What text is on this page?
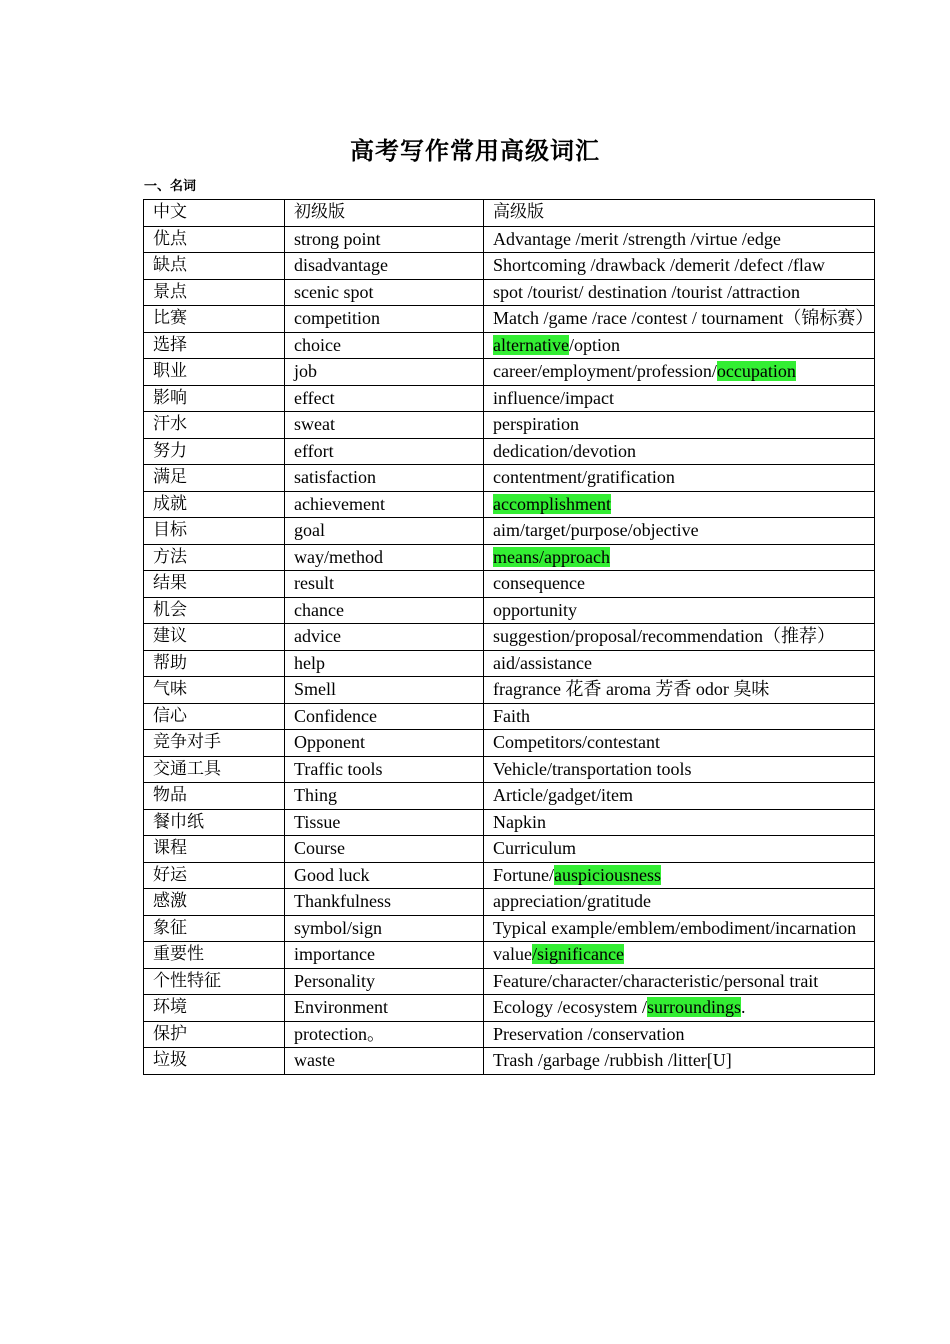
高考写作常用高级词汇
一、名词
中文	初级版	高级版
优点	strong point	Advantage /merit /strength /virtue /edge
缺点	disadvantage	Shortcoming /drawback /demerit /defect /flaw
景点	scenic spot	spot /tourist/ destination /tourist /attraction
比赛	competition	Match /game /race /contest / tournament（锦标赛）
选择	choice	alternative/option
职业	job	career/employment/profession/occupation
影响	effect	influence/impact
汗水	sweat	perspiration
努力	effort	dedication/devotion
满足	satisfaction	contentment/gratification
成就	achievement	accomplishment
目标	goal	aim/target/purpose/objective
方法	way/method	means/approach
结果	result	consequence
机会	chance	opportunity
建议	advice	suggestion/proposal/recommendation（推荐）
帮助	help	aid/assistance
气味	Smell	fragrance 花香 aroma 芳香 odor 臭味
信心	Confidence	Faith
竞争对手	Opponent	Competitors/contestant
交通工具	Traffic tools	Vehicle/transportation tools
物品	Thing	Article/gadget/item
餐巾纸	Tissue	Napkin
课程	Course	Curriculum
好运	Good luck	Fortune/auspiciousness
感激	Thankfulness	appreciation/gratitude
象征	symbol/sign	Typical example/emblem/embodiment/incarnation
重要性	importance	value/significance
个性特征	Personality	Feature/character/characteristic/personal trait
环境	Environment	Ecology /ecosystem /surroundings.
保护	protection。	Preservation /conservation
垃圾	waste	Trash /garbage /rubbish /litter[U]
